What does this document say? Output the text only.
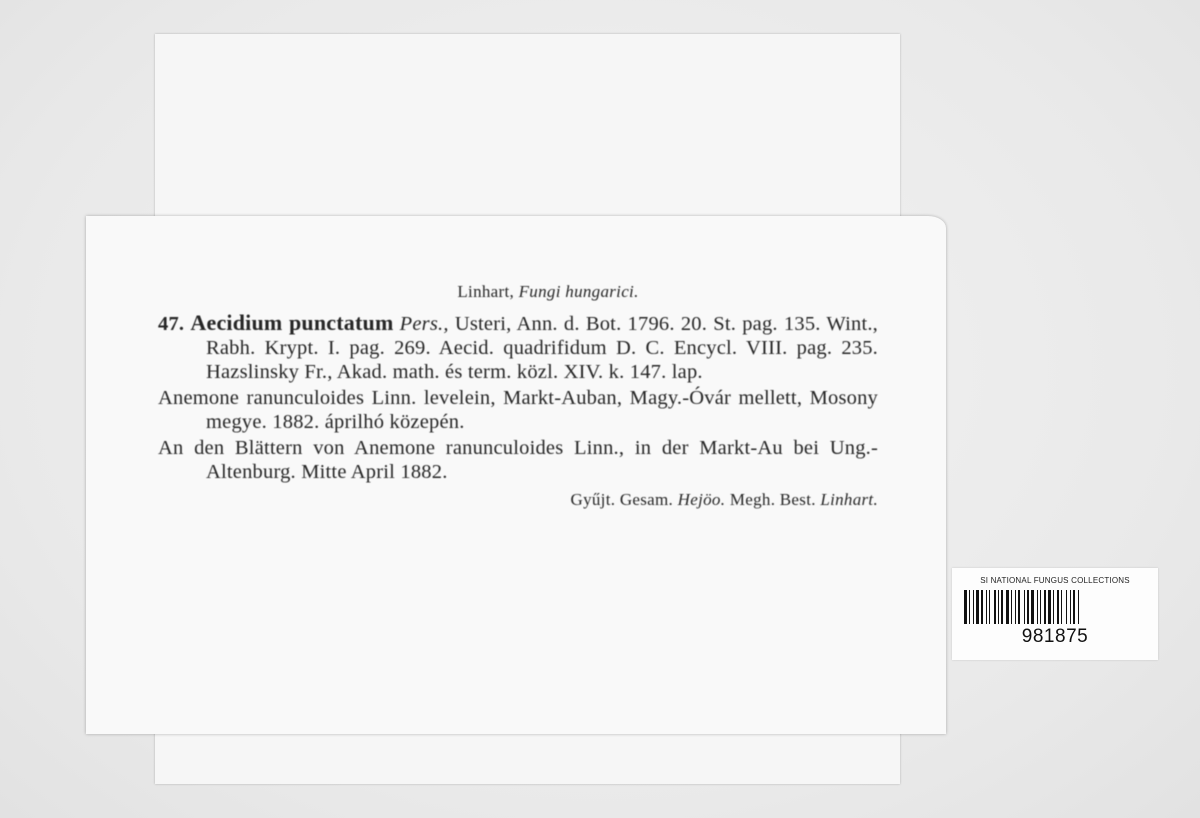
Linhart, Fungi hungarici.
47. Aecidium punctatum Pers., Usteri, Ann. d. Bot. 1796. 20. St. pag. 135. Wint., Rabh. Krypt. I. pag. 269. Aecid. quadrifidum D. C. Encycl. VIII. pag. 235. Hazslinsky Fr., Akad. math. és term. közl. XIV. k. 147. lap.
Anemone ranunculoides Linn. levelein, Markt-Auban, Magy.-Óvár mellett, Mosony megye. 1882. áprilhó közepén.
An den Blättern von Anemone ranunculoides Linn., in der Markt-Au bei Ung.-Altenburg. Mitte April 1882.
Gyűjt. Gesam. Hejöo. Megh. Best. Linhart.
SI NATIONAL FUNGUS COLLECTIONS
981875
